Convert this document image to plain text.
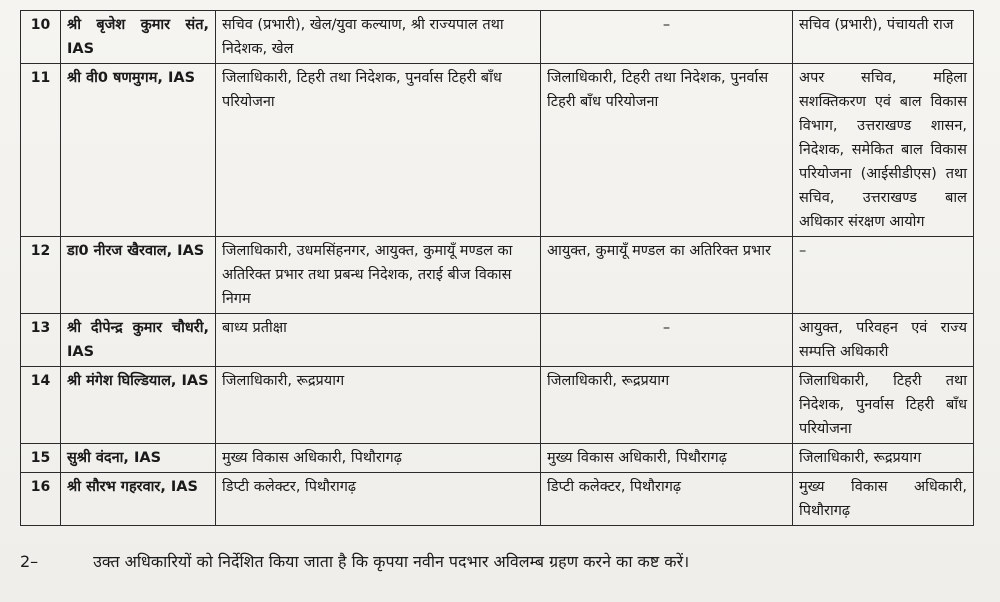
10	श्री बृजेश कुमार संत, IAS	सचिव (प्रभारी), खेल/युवा कल्याण, श्री राज्यपाल तथा निदेशक, खेल	–	सचिव (प्रभारी), पंचायती राज
11	श्री वी0 षणमुगम, IAS	जिलाधिकारी, टिहरी तथा निदेशक, पुनर्वास टिहरी बाँध परियोजना	जिलाधिकारी, टिहरी तथा निदेशक, पुनर्वास टिहरी बाँध परियोजना	अपर सचिव, महिला सशक्तिकरण एवं बाल विकास विभाग, उत्तराखण्ड शासन, निदेशक, समेकित बाल विकास परियोजना (आईसीडीएस) तथा सचिव, उत्तराखण्ड बाल अधिकार संरक्षण आयोग
12	डा0 नीरज खैरवाल, IAS	जिलाधिकारी, उधमसिंहनगर, आयुक्त, कुमायूँ मण्डल का अतिरिक्त प्रभार तथा प्रबन्ध निदेशक, तराई बीज विकास निगम	आयुक्त, कुमायूँ मण्डल का अतिरिक्त प्रभार	–
13	श्री दीपेन्द्र कुमार चौधरी, IAS	बाध्य प्रतीक्षा	–	आयुक्त, परिवहन एवं राज्य सम्पत्ति अधिकारी
14	श्री मंगेश घिल्डियाल, IAS	जिलाधिकारी, रूद्रप्रयाग	जिलाधिकारी, रूद्रप्रयाग	जिलाधिकारी, टिहरी तथा निदेशक, पुनर्वास टिहरी बाँध परियोजना
15	सुश्री वंदना, IAS	मुख्य विकास अधिकारी, पिथौरागढ़	मुख्य विकास अधिकारी, पिथौरागढ़	जिलाधिकारी, रूद्रप्रयाग
16	श्री सौरभ गहरवार, IAS	डिप्टी कलेक्टर, पिथौरागढ़	डिप्टी कलेक्टर, पिथौरागढ़	मुख्य विकास अधिकारी, पिथौरागढ़
2–	उक्त अधिकारियों को निर्देशित किया जाता है कि कृपया नवीन पदभार अविलम्ब ग्रहण करने का कष्ट करें।
